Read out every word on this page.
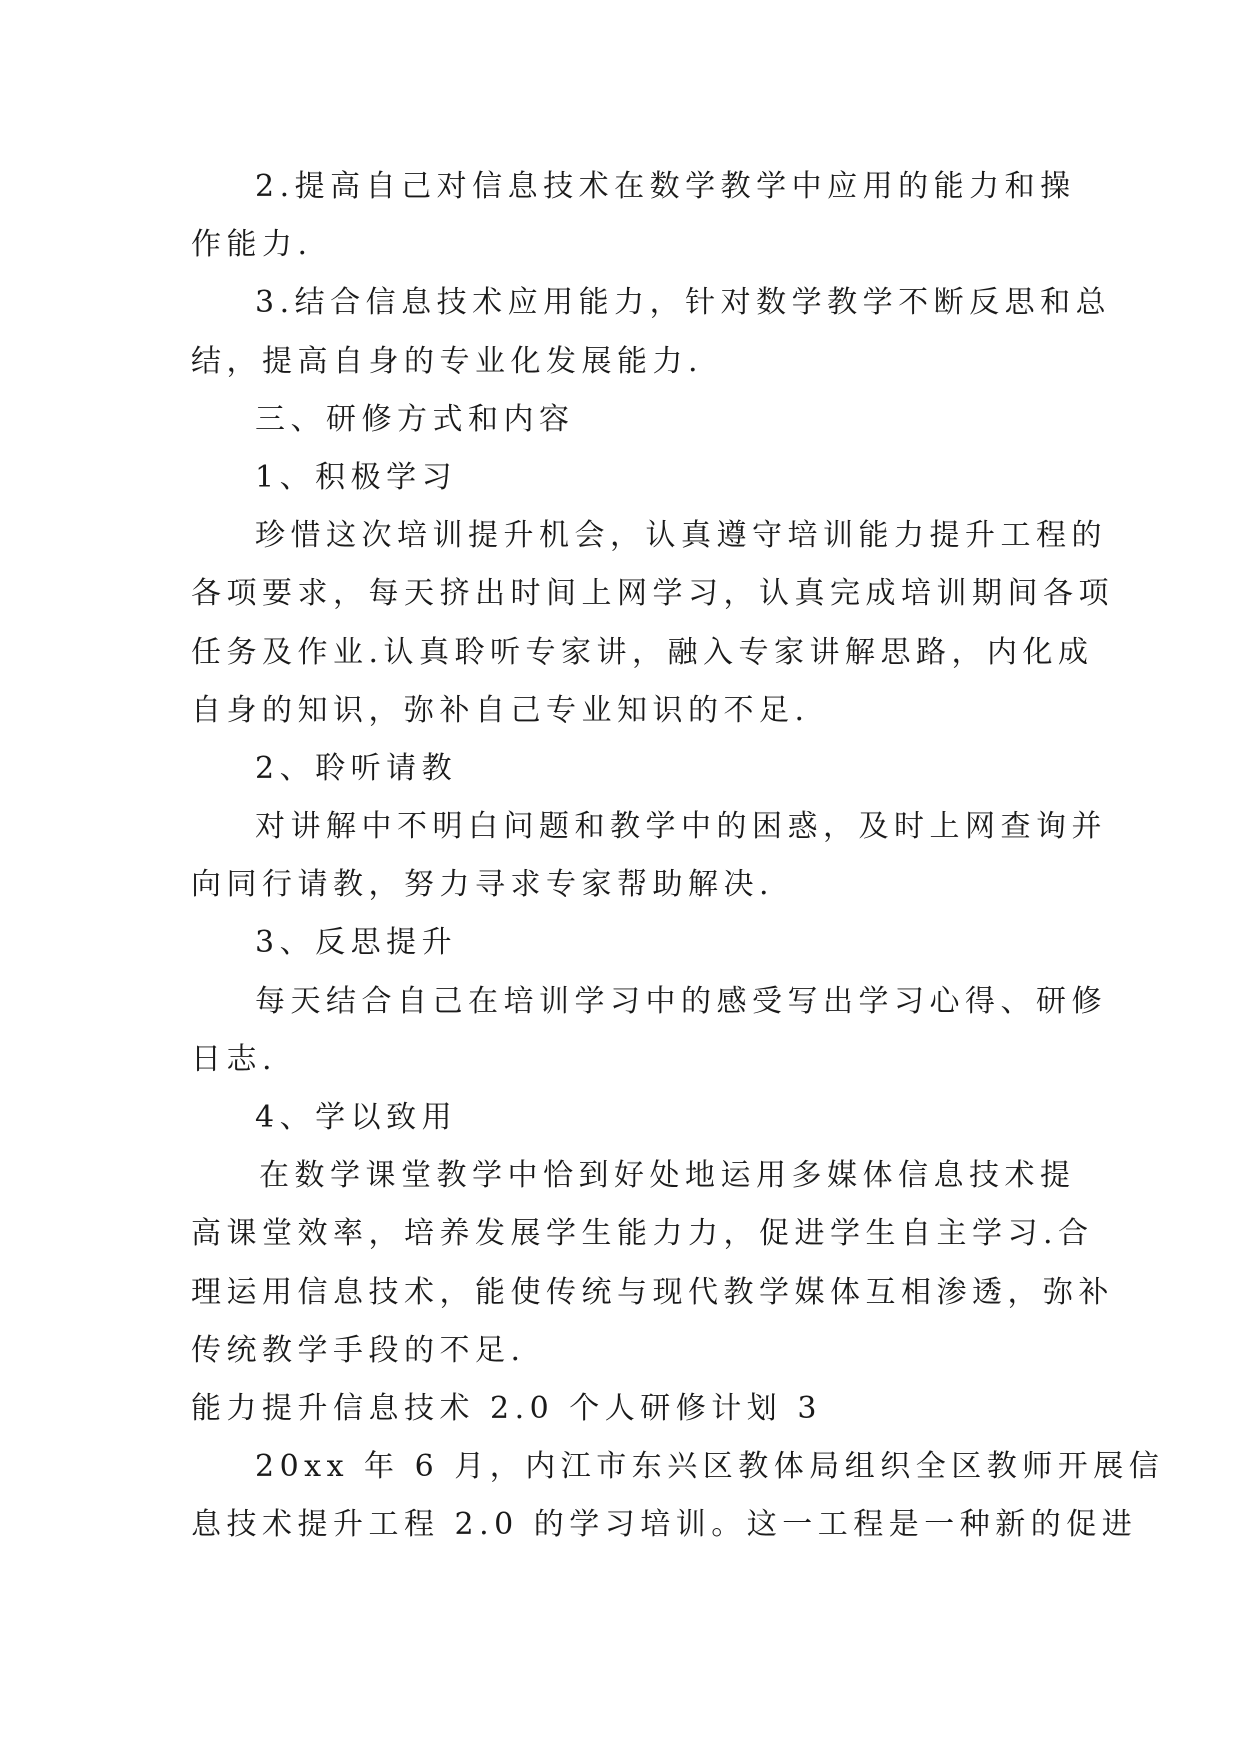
2.提高自己对信息技术在数学教学中应用的能力和操
作能力.
3.结合信息技术应用能力，针对数学教学不断反思和总
结，提高自身的专业化发展能力.
三、研修方式和内容
1、积极学习
珍惜这次培训提升机会，认真遵守培训能力提升工程的
各项要求，每天挤出时间上网学习，认真完成培训期间各项
任务及作业.认真聆听专家讲，融入专家讲解思路，内化成
自身的知识，弥补自己专业知识的不足.
2、聆听请教
对讲解中不明白问题和教学中的困惑，及时上网查询并
向同行请教，努力寻求专家帮助解决.
3、反思提升
每天结合自己在培训学习中的感受写出学习心得、研修
日志.
4、学以致用
在数学课堂教学中恰到好处地运用多媒体信息技术提
高课堂效率，培养发展学生能力力，促进学生自主学习.合
理运用信息技术，能使传统与现代教学媒体互相渗透，弥补
传统教学手段的不足.
能力提升信息技术 2.0 个人研修计划 3
20xx 年 6 月，内江市东兴区教体局组织全区教师开展信
息技术提升工程 2.0 的学习培训。这一工程是一种新的促进
